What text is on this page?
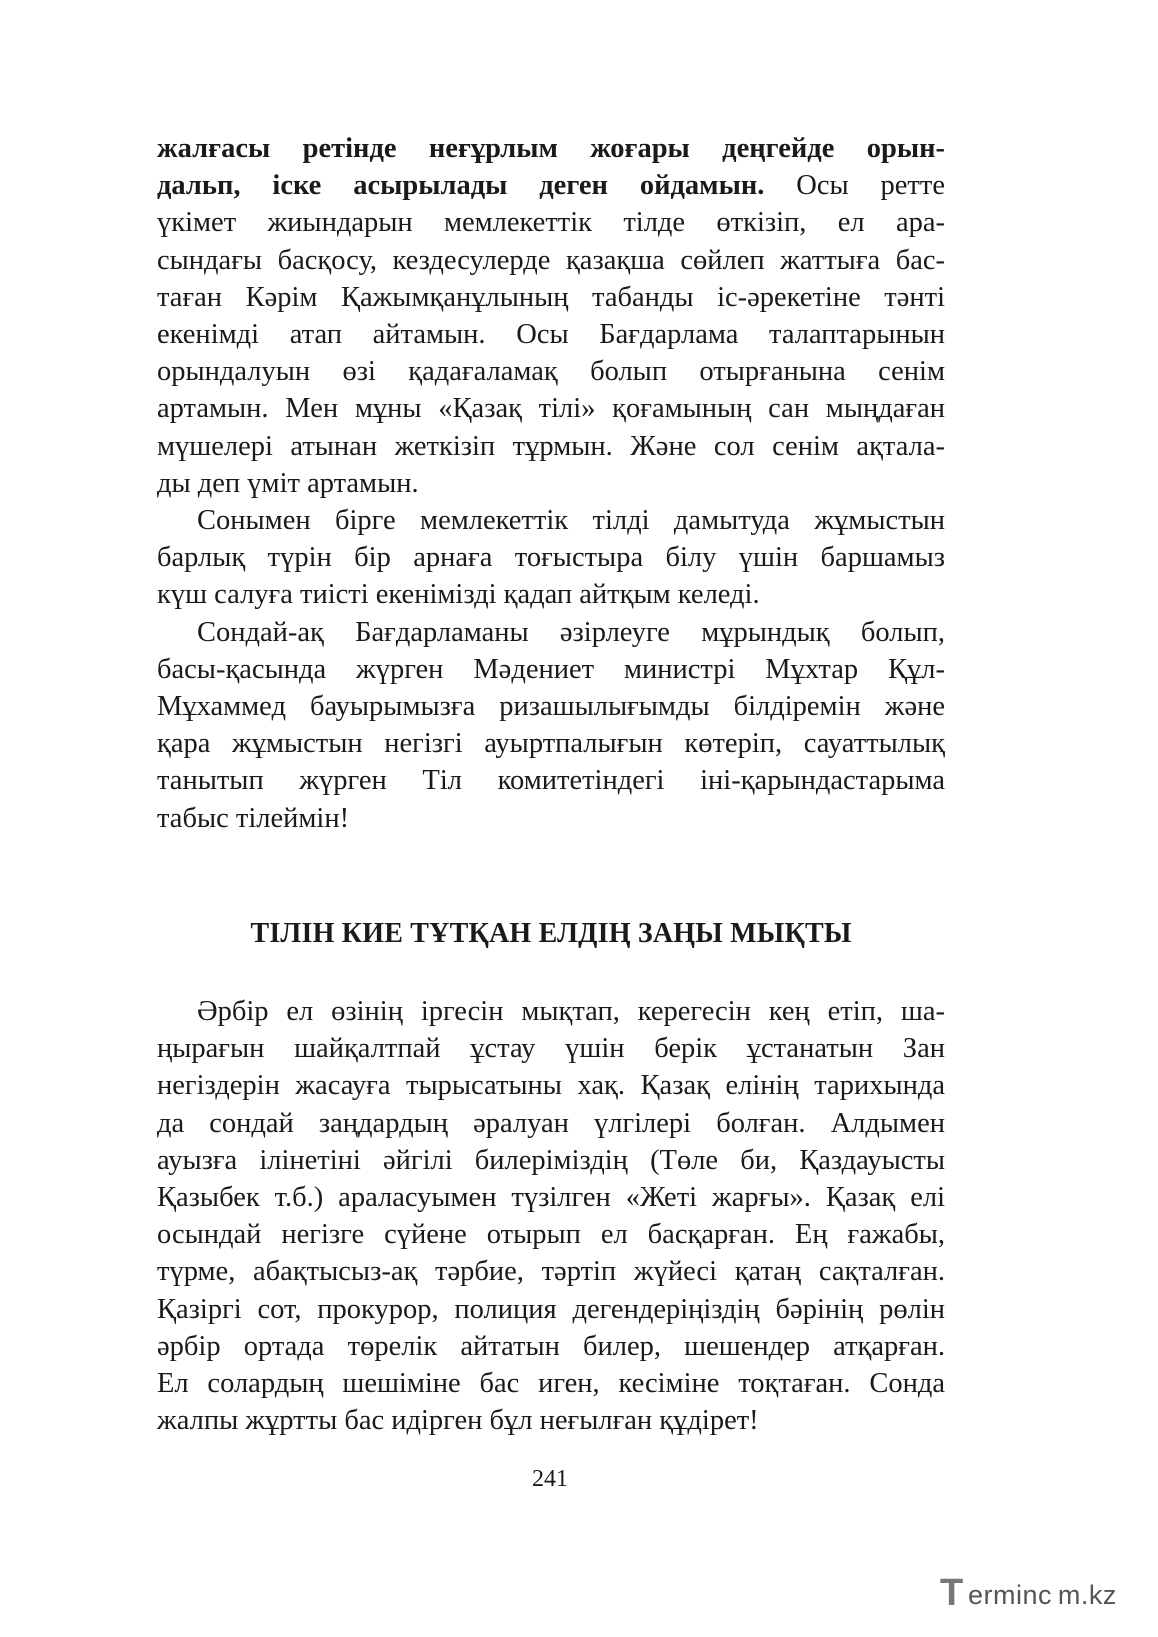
жалғасы ретінде неғұрлым жоғары деңгейде орын-
дальп, іске асырылады деген ойдамын. Осы ретте
үкімет жиындарын мемлекеттік тілде өткізіп, ел ара-
сындағы басқосу, кездесулерде қазақша сөйлеп жаттыға бас-
таған Кәрім Қажымқанұлының табанды іс-әрекетіне тәнті
екенімді атап айтамын. Осы Бағдарлама талаптарынын
орындалуын өзі қадағаламақ болып отырғанына сенім
артамын. Мен мұны «Қазақ тілі» қоғамының сан мыңдаған
мүшелері атынан жеткізіп тұрмын. Және сол сенім ақтала-
ды деп үміт артамын.

Сонымен бірге мемлекеттік тілді дамытуда жұмыстын
барлық түрін бір арнаға тоғыстыра білу үшін баршамыз
күш салуға тиісті екенімізді қадап айтқым келеді.

Сондай-ақ Бағдарламаны әзірлеуге мұрындық болып,
басы-қасында жүрген Мәдениет министрі Мұхтар Құл-
Мұхаммед бауырымызға ризашылығымды білдіремін және
қара жұмыстын негізгі ауыртпалығын көтеріп, сауаттылық
танытып жүрген Тіл комитетіндегі іні-қарындастарыма
табыс тілеймін!

ТІЛІН КИЕ ТҰТҚАН ЕЛДІҢ ЗАҢЫ МЫҚТЫ

Әрбір ел өзінің іргесін мықтап, керегесін кең етіп, ша-
ңырағын шайқалтпай ұстау үшін берік ұстанатын Зан
негіздерін жасауға тырысатыны хақ. Қазақ елінің тарихында
да сондай заңдардың әралуан үлгілері болған. Алдымен
ауызға ілінетіні әйгілі билеріміздің (Төле би, Қаздауысты
Қазыбек т.б.) араласуымен түзілген «Жеті жарғы». Қазақ елі
осындай негізге сүйене отырып ел басқарған. Ең ғажабы,
түрме, абақтысыз-ақ тәрбие, тәртіп жүйесі қатаң сақталған.
Қазіргі сот, прокурор, полиция дегендеріңіздің бәрінің рөлін
әрбір ортада төрелік айтатын билер, шешендер атқарған.
Ел солардың шешіміне бас иген, кесіміне тоқтаған. Сонда
жалпы жұртты бас идірген бұл неғылған құдірет!

241
T erminc m.kz
